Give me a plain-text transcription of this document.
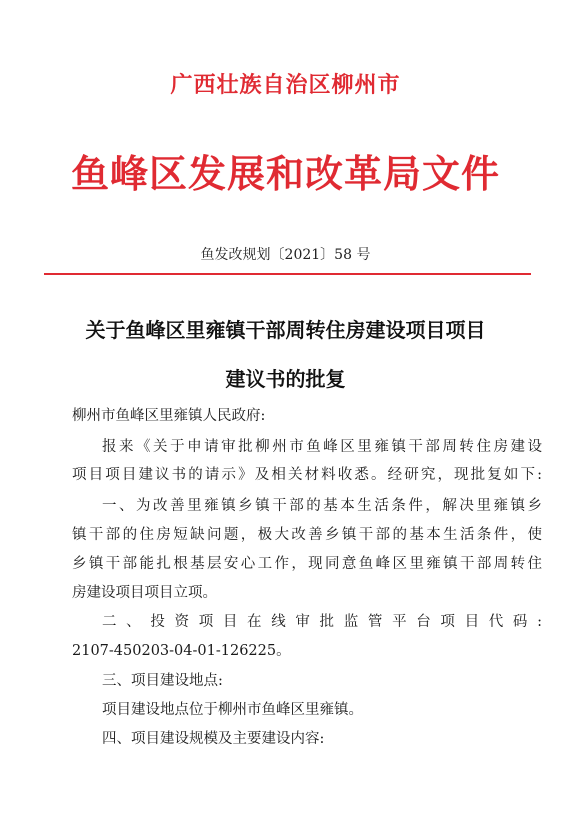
广西壮族自治区柳州市
鱼峰区发展和改革局文件
鱼发改规划〔2021〕58 号
关于鱼峰区里雍镇干部周转住房建设项目项目
建议书的批复
柳州市鱼峰区里雍镇人民政府:
报来《关于申请审批柳州市鱼峰区里雍镇干部周转住房建设
项目项目建议书的请示》及相关材料收悉。经研究，现批复如下:
一、为改善里雍镇乡镇干部的基本生活条件，解决里雍镇乡
镇干部的住房短缺问题，极大改善乡镇干部的基本生活条件，使
乡镇干部能扎根基层安心工作，现同意鱼峰区里雍镇干部周转住
房建设项目项目立项。
二、投资项目在线审批监管平台项目代码:
2107-450203-04-01-126225。
三、项目建设地点:
项目建设地点位于柳州市鱼峰区里雍镇。
四、项目建设规模及主要建设内容:
